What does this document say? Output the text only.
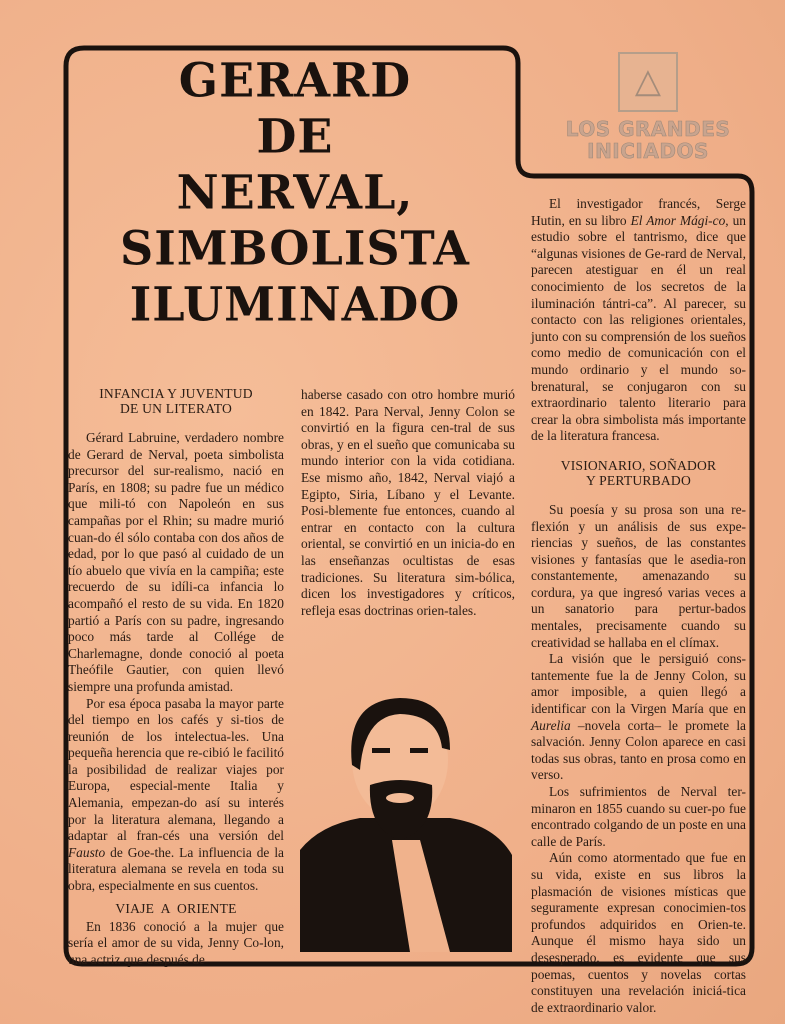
GERARD
DE
NERVAL,
SIMBOLISTA
ILUMINADO
△
LOS GRANDES
INICIADOS
INFANCIA Y JUVENTUD
DE UN LITERATO

Gérard Labruine, verdadero nombre de Gerard de Nerval, poeta simbolista precursor del sur-realismo, nació en París, en 1808; su padre fue un médico que mili-tó con Napoleón en sus campañas por el Rhin; su madre murió cuan-do él sólo contaba con dos años de edad, por lo que pasó al cuidado de un tío abuelo que vivía en la campiña; este recuerdo de su idíli-ca infancia lo acompañó el resto de su vida. En 1820 partió a París con su padre, ingresando poco más tarde al Collége de Charlemagne, donde conoció al poeta Theófile Gautier, con quien llevó siempre una profunda amistad.

Por esa época pasaba la mayor parte del tiempo en los cafés y si-tios de reunión de los intelectua-les. Una pequeña herencia que re-cibió le facilitó la posibilidad de realizar viajes por Europa, especial-mente Italia y Alemania, empezan-do así su interés por la literatura alemana, llegando a adaptar al fran-cés una versión del Fausto de Goe-the. La influencia de la literatura alemana se revela en toda su obra, especialmente en sus cuentos.

VIAJE  A  ORIENTE

En 1836 conoció a la mujer que sería el amor de su vida, Jenny Co-lon, una actriz que después de

haberse casado con otro hombre murió en 1842. Para Nerval, Jenny Colon se convirtió en la figura cen-tral de sus obras, y en el sueño que comunicaba su mundo interior con la vida cotidiana. Ese mismo año, 1842, Nerval viajó a Egipto, Siria, Líbano y el Levante. Posi-blemente fue entonces, cuando al entrar en contacto con la cultura oriental, se convirtió en un inicia-do en las enseñanzas ocultistas de esas tradiciones. Su literatura sim-bólica, dicen los investigadores y críticos, refleja esas doctrinas orien-tales.

El investigador francés, Serge Hutin, en su libro El Amor Mági-co, un estudio sobre el tantrismo, dice que “algunas visiones de Ge-rard de Nerval, parecen atestiguar en él un real conocimiento de los secretos de la iluminación tántri-ca”. Al parecer, su contacto con las religiones orientales, junto con su comprensión de los sueños como medio de comunicación con el mundo ordinario y el mundo so-brenatural, se conjugaron con su extraordinario talento literario para crear la obra simbolista más importante de la literatura francesa.

VISIONARIO, SOÑADOR
Y PERTURBADO

Su poesía y su prosa son una re-flexión y un análisis de sus expe-riencias y sueños, de las constantes visiones y fantasías que le asedia-ron constantemente, amenazando su cordura, ya que ingresó varias veces a un sanatorio para pertur-bados mentales, precisamente cuando su creatividad se hallaba en el clímax.

La visión que le persiguió cons-tantemente fue la de Jenny Colon, su amor imposible, a quien llegó a identificar con la Virgen María que en Aurelia –novela corta– le promete la salvación. Jenny Colon aparece en casi todas sus obras, tanto en prosa como en verso.

Los sufrimientos de Nerval ter-minaron en 1855 cuando su cuer-po fue encontrado colgando de un poste en una calle de París.

Aún como atormentado que fue en su vida, existe en sus libros la plasmación de visiones místicas que seguramente expresan conocimien-tos profundos adquiridos en Orien-te. Aunque él mismo haya sido un desesperado, es evidente que sus poemas, cuentos y novelas cortas constituyen una revelación iniciá-tica de extraordinario valor.
